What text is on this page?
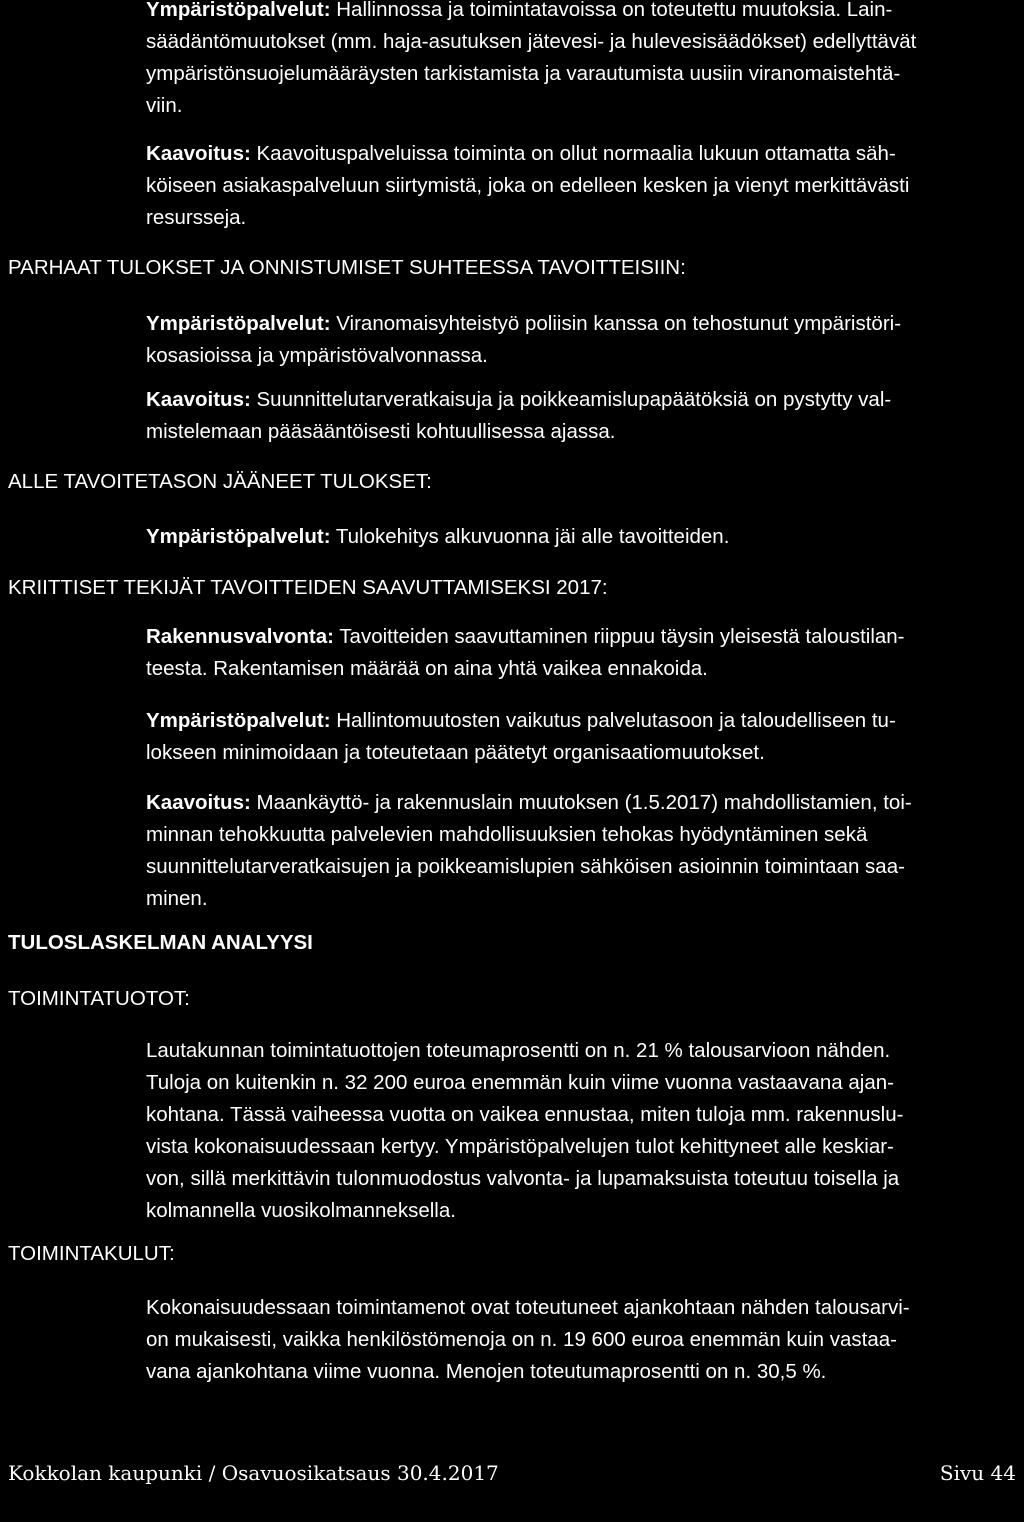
Ympäristöpalvelut: Hallinnossa ja toimintatavoissa on toteutettu muutoksia. Lain-
säädäntömuutokset (mm. haja-asutuksen jätevesi- ja hulevesisäädökset) edellyttävät
ympäristönsuojelumääräysten tarkistamista ja varautumista uusiin viranomaistehtä-
viin.
Kaavoitus: Kaavoituspalveluissa toiminta on ollut normaalia lukuun ottamatta säh-
köiseen asiakaspalveluun siirtymistä, joka on edelleen kesken ja vienyt merkittävästi
resursseja.
PARHAAT TULOKSET JA ONNISTUMISET SUHTEESSA TAVOITTEISIIN:
Ympäristöpalvelut: Viranomaisyhteistyö poliisin kanssa on tehostunut ympäristöri-
kosasioissa ja ympäristövalvonnassa.
Kaavoitus: Suunnittelutarveratkaisuja ja poikkeamislupapäätöksiä on pystytty val-
mistelemaan pääsääntöisesti kohtuullisessa ajassa.
ALLE TAVOITETASON JÄÄNEET TULOKSET:
Ympäristöpalvelut: Tulokehitys alkuvuonna jäi alle tavoitteiden.
KRIITTISET TEKIJÄT TAVOITTEIDEN SAAVUTTAMISEKSI 2017:
Rakennusvalvonta: Tavoitteiden saavuttaminen riippuu täysin yleisestä taloustilan-
teesta. Rakentamisen määrää on aina yhtä vaikea ennakoida.
Ympäristöpalvelut: Hallintomuutosten vaikutus palvelutasoon ja taloudelliseen tu-
lokseen minimoidaan ja toteutetaan päätetyt organisaatiomuutokset.
Kaavoitus: Maankäyttö- ja rakennuslain muutoksen (1.5.2017) mahdollistamien, toi-
minnan tehokkuutta palvelevien mahdollisuuksien tehokas hyödyntäminen sekä
suunnittelutarveratkaisujen ja poikkeamislupien sähköisen asioinnin toimintaan saa-
minen.
TULOSLASKELMAN ANALYYSI
TOIMINTATUOTOT:
Lautakunnan toimintatuottojen toteumaprosentti on n. 21 % talousarvioon nähden.
Tuloja on kuitenkin n. 32 200 euroa enemmän kuin viime vuonna vastaavana ajan-
kohtana. Tässä vaiheessa vuotta on vaikea ennustaa, miten tuloja mm. rakennuslu-
vista kokonaisuudessaan kertyy. Ympäristöpalvelujen tulot kehittyneet alle keskiar-
von, sillä merkittävin tulonmuodostus valvonta- ja lupamaksuista toteutuu toisella ja
kolmannella vuosikolmanneksella.
TOIMINTAKULUT:
Kokonaisuudessaan toimintamenot ovat toteutuneet ajankohtaan nähden talousarvi-
on mukaisesti, vaikka henkilöstömenoja on n. 19 600 euroa enemmän kuin vastaa-
vana ajankohtana viime vuonna. Menojen toteutumaprosentti on n. 30,5 %.
Kokkolan kaupunki / Osavuosikatsaus 30.4.2017	Sivu 44
